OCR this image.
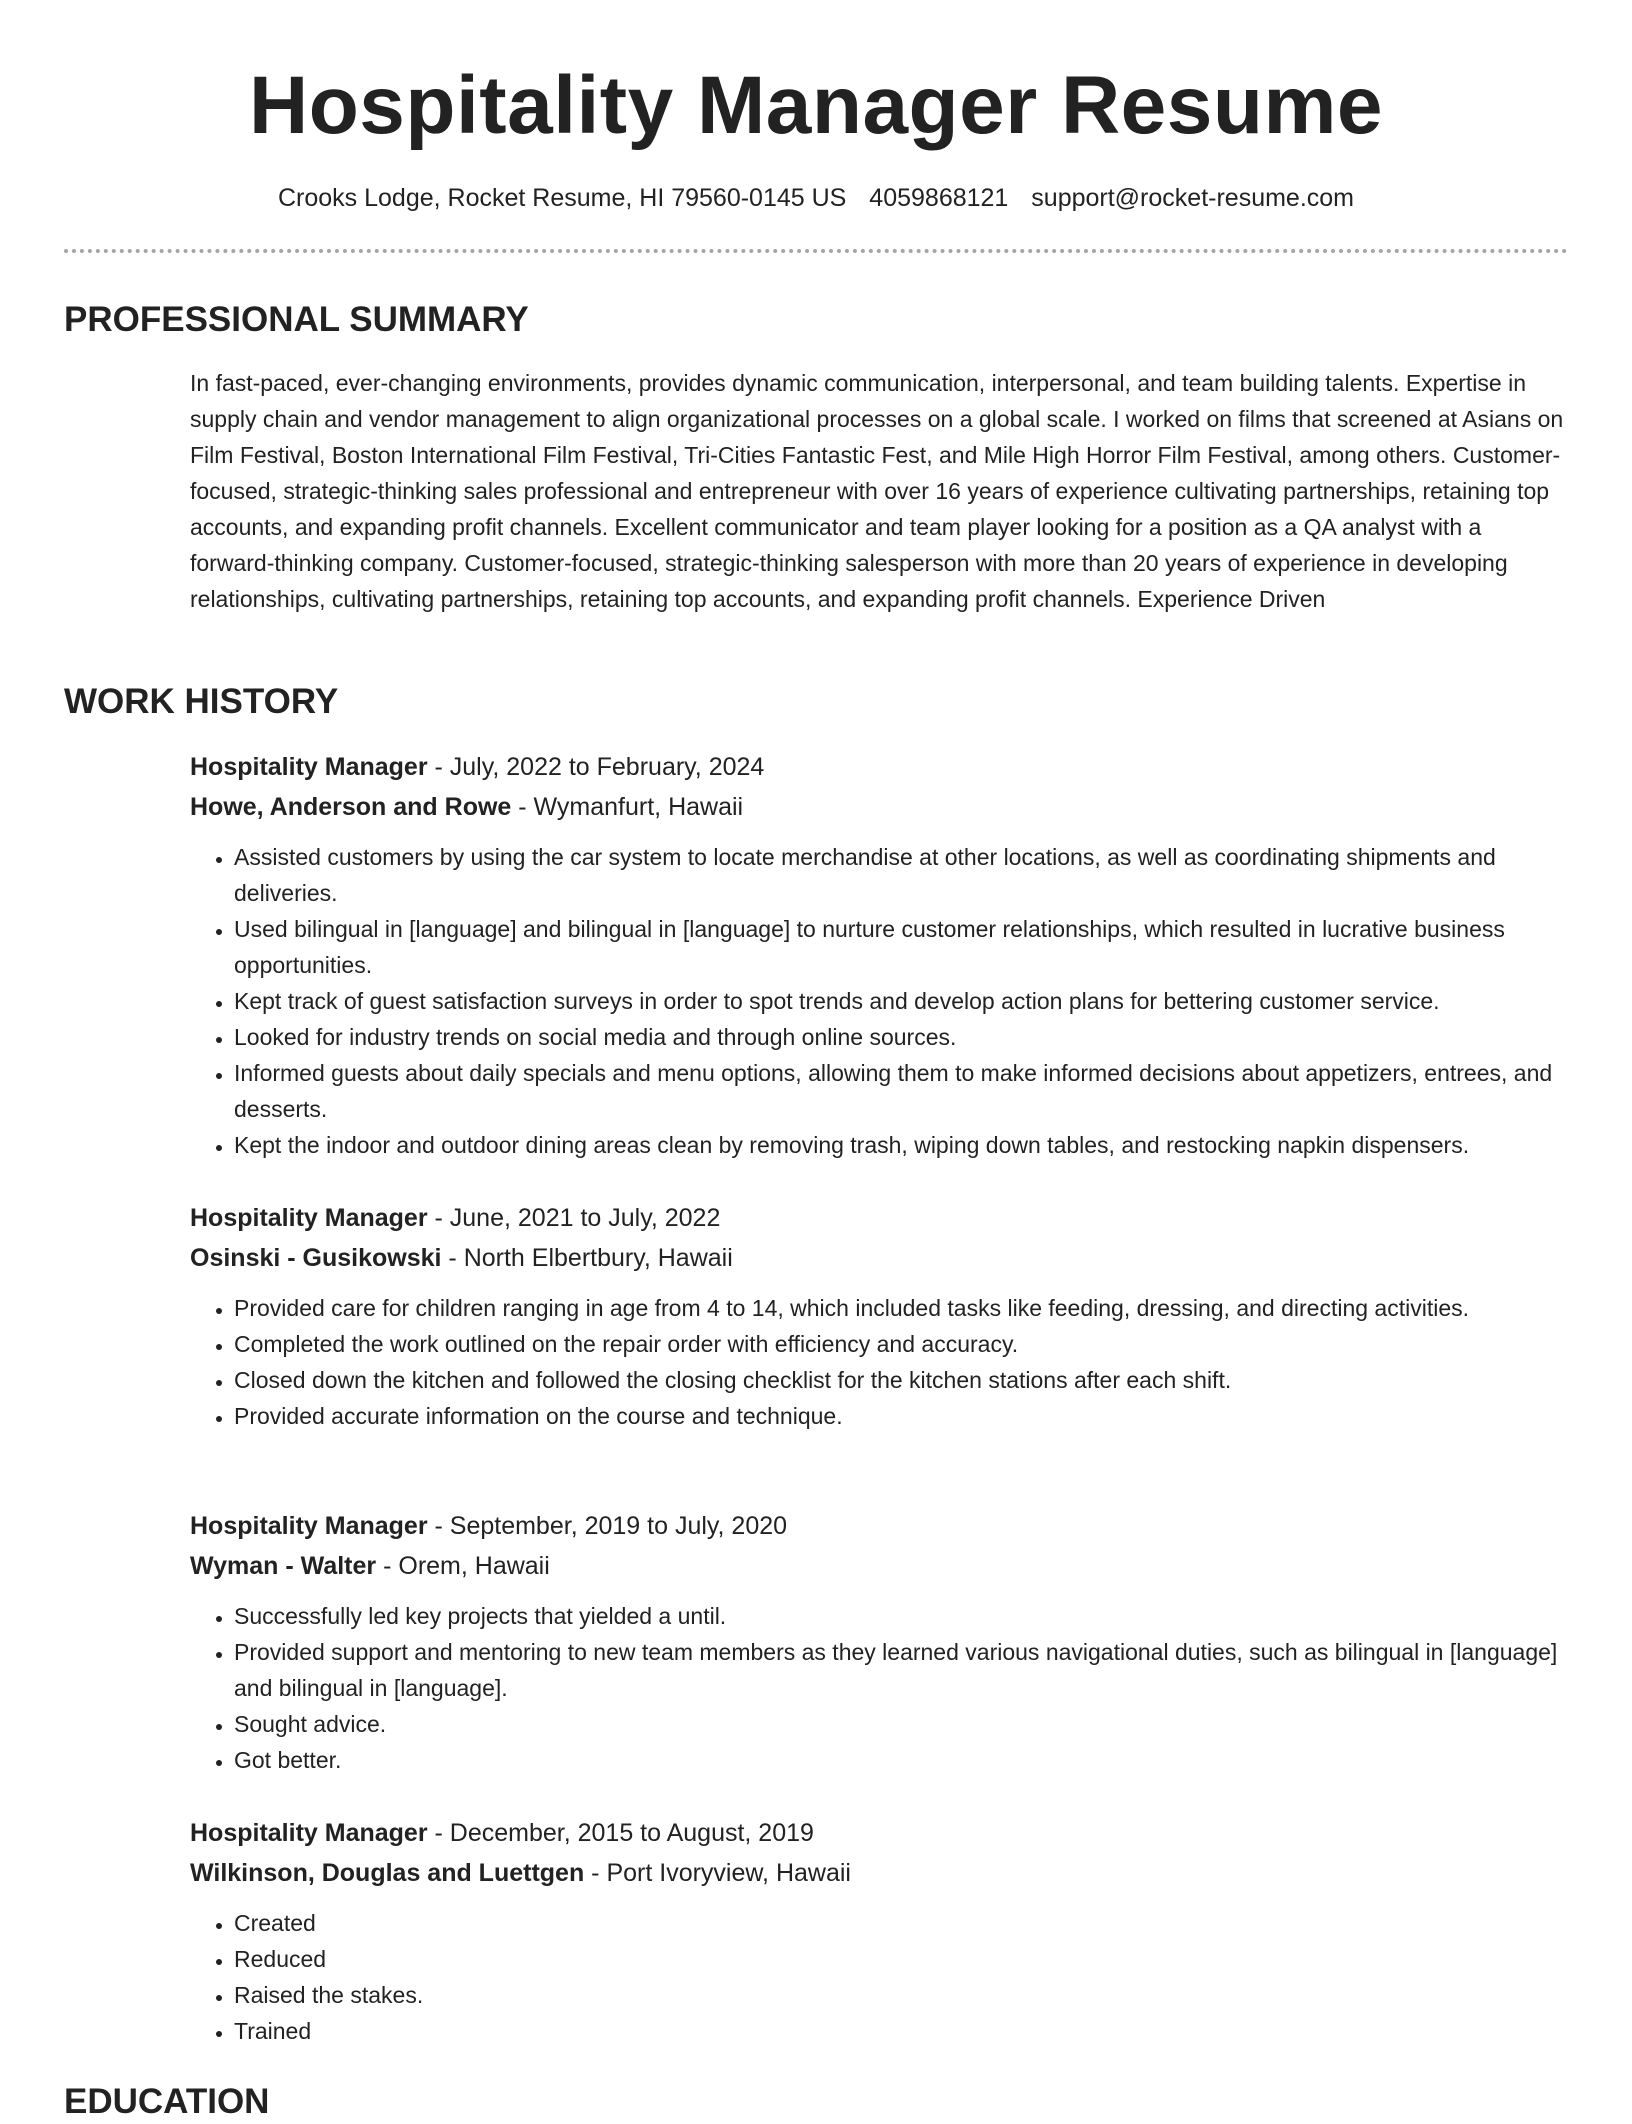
Hospitality Manager Resume
Crooks Lodge, Rocket Resume, HI 79560-0145 US 4059868121 support@rocket-resume.com
PROFESSIONAL SUMMARY

In fast-paced, ever-changing environments, provides dynamic communication, interpersonal, and team building talents. Expertise in supply chain and vendor management to align organizational processes on a global scale. I worked on films that screened at Asians on Film Festival, Boston International Film Festival, Tri-Cities Fantastic Fest, and Mile High Horror Film Festival, among others. Customer-focused, strategic-thinking sales professional and entrepreneur with over 16 years of experience cultivating partnerships, retaining top accounts, and expanding profit channels. Excellent communicator and team player looking for a position as a QA analyst with a forward-thinking company. Customer-focused, strategic-thinking salesperson with more than 20 years of experience in developing relationships, cultivating partnerships, retaining top accounts, and expanding profit channels. Experience Driven

WORK HISTORY
Hospitality Manager - July, 2022 to February, 2024
Howe, Anderson and Rowe - Wymanfurt, Hawaii
• Assisted customers by using the car system to locate merchandise at other locations, as well as coordinating shipments and deliveries.
• Used bilingual in [language] and bilingual in [language] to nurture customer relationships, which resulted in lucrative business opportunities.
• Kept track of guest satisfaction surveys in order to spot trends and develop action plans for bettering customer service.
• Looked for industry trends on social media and through online sources.
• Informed guests about daily specials and menu options, allowing them to make informed decisions about appetizers, entrees, and desserts.
• Kept the indoor and outdoor dining areas clean by removing trash, wiping down tables, and restocking napkin dispensers.
Hospitality Manager - June, 2021 to July, 2022
Osinski - Gusikowski - North Elbertbury, Hawaii
• Provided care for children ranging in age from 4 to 14, which included tasks like feeding, dressing, and directing activities.
• Completed the work outlined on the repair order with efficiency and accuracy.
• Closed down the kitchen and followed the closing checklist for the kitchen stations after each shift.
• Provided accurate information on the course and technique.
Hospitality Manager - September, 2019 to July, 2020
Wyman - Walter - Orem, Hawaii
• Successfully led key projects that yielded a until.
• Provided support and mentoring to new team members as they learned various navigational duties, such as bilingual in [language] and bilingual in [language].
• Sought advice.
• Got better.
Hospitality Manager - December, 2015 to August, 2019
Wilkinson, Douglas and Luettgen - Port Ivoryview, Hawaii
• Created
• Reduced
• Raised the stakes.
• Trained
EDUCATION
